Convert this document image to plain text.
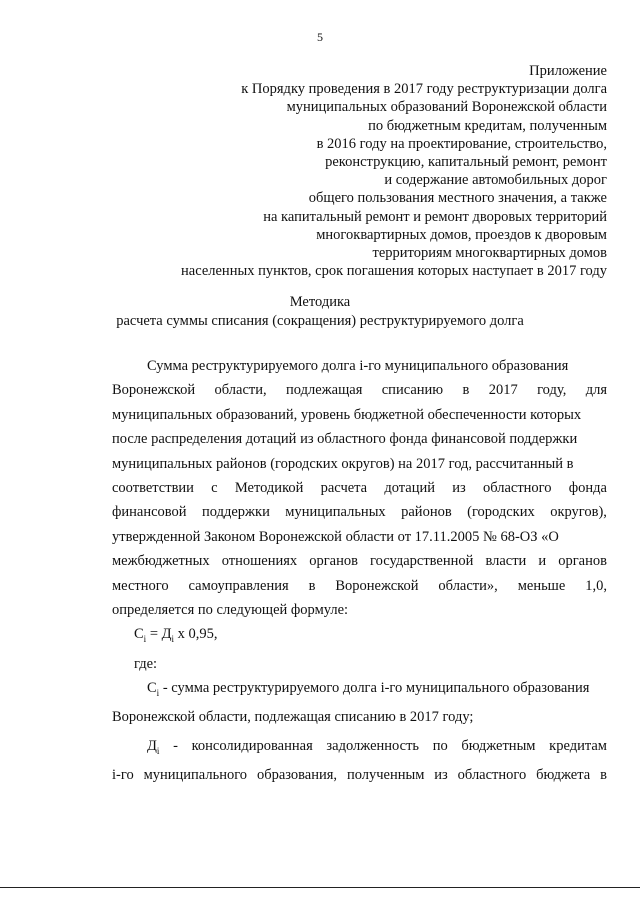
5
Приложение
к Порядку проведения в 2017 году реструктуризации долга
муниципальных образований Воронежской области
по бюджетным кредитам, полученным
в 2016 году на проектирование, строительство,
реконструкцию, капитальный ремонт, ремонт
и содержание автомобильных дорог
общего пользования местного значения, а также
на капитальный ремонт и ремонт дворовых территорий
многоквартирных домов, проездов к дворовым
территориям многоквартирных домов
населенных пунктов, срок погашения которых наступает в 2017 году
Методика
расчета суммы списания (сокращения) реструктурируемого долга
Сумма реструктурируемого долга i-го муниципального образования
Воронежской области, подлежащая списанию в 2017 году, для
муниципальных образований, уровень бюджетной обеспеченности которых
после распределения дотаций из областного фонда финансовой поддержки
муниципальных районов (городских округов) на 2017 год, рассчитанный в
соответствии с Методикой расчета дотаций из областного фонда
финансовой поддержки муниципальных районов (городских округов),
утвержденной Законом Воронежской области от 17.11.2005 № 68-ОЗ «О
межбюджетных отношениях органов государственной власти и органов
местного самоуправления в Воронежской области», меньше 1,0,
определяется по следующей формуле:
$С_i = Д_i$ x 0,95,
где:
$С_i$ - сумма реструктурируемого долга i-го муниципального образования
Воронежской области, подлежащая списанию в 2017 году;
$Д_i$ - консолидированная задолженность по бюджетным кредитам
i-го муниципального образования, полученным из областного бюджета в
